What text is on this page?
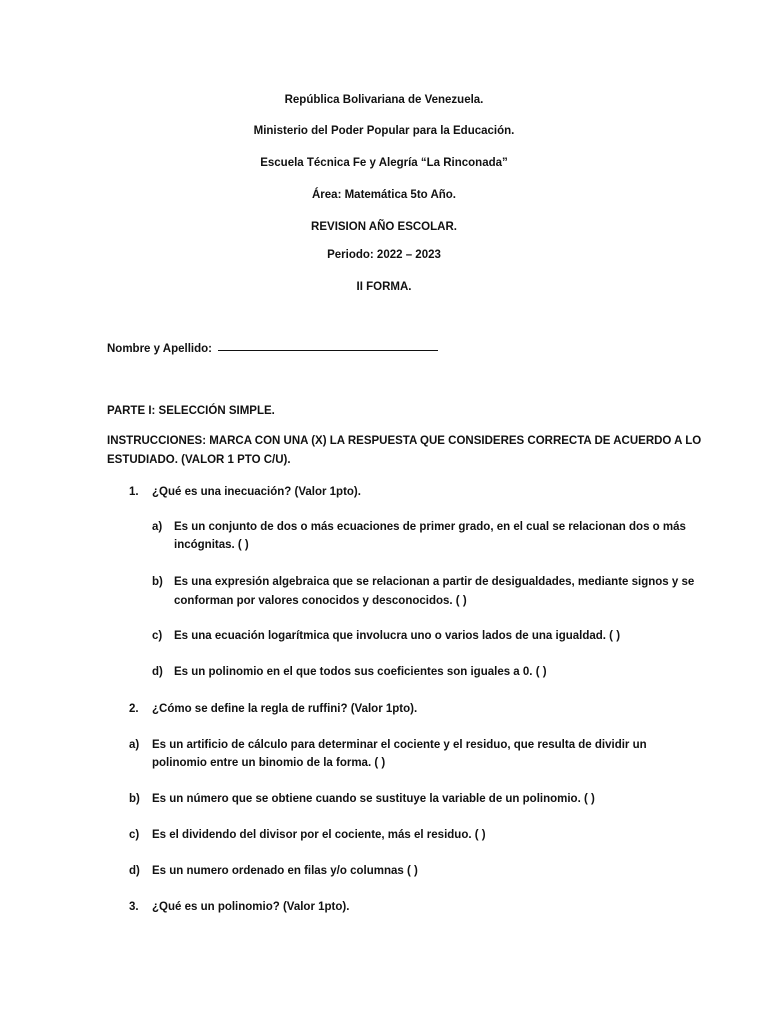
República Bolivariana de Venezuela.
Ministerio del Poder Popular para la Educación.
Escuela Técnica Fe y Alegría “La Rinconada”
Área: Matemática 5to Año.
REVISION AÑO ESCOLAR.
Periodo: 2022 – 2023
II FORMA.
Nombre y Apellido:
PARTE I: SELECCIÓN SIMPLE.
INSTRUCCIONES: MARCA CON UNA (X) LA RESPUESTA QUE CONSIDERES CORRECTA DE ACUERDO A LO
ESTUDIADO. (VALOR 1 PTO C/U).
1.	¿Qué es una inecuación? (Valor 1pto).
a)	Es un conjunto de dos o más ecuaciones de primer grado, en el cual se relacionan dos o más
incógnitas. ( )
b) Es una expresión algebraica que se relacionan a partir de desigualdades, mediante signos y se
conforman por valores conocidos y desconocidos. ( )
c)	Es una ecuación logarítmica que involucra uno o varios lados de una igualdad. ( )
d) Es un polinomio en el que todos sus coeficientes son iguales a 0. ( )
2.	¿Cómo se define la regla de ruffini? (Valor 1pto).
a)	Es un artificio de cálculo para determinar el cociente y el residuo, que resulta de dividir un
polinomio entre un binomio de la forma. ( )
b)	Es un número que se obtiene cuando se sustituye la variable de un polinomio. ( )
c)	Es el dividendo del divisor por el cociente, más el residuo. ( )
d)	Es un numero ordenado en filas y/o columnas ( )
3.	¿Qué es un polinomio? (Valor 1pto).
